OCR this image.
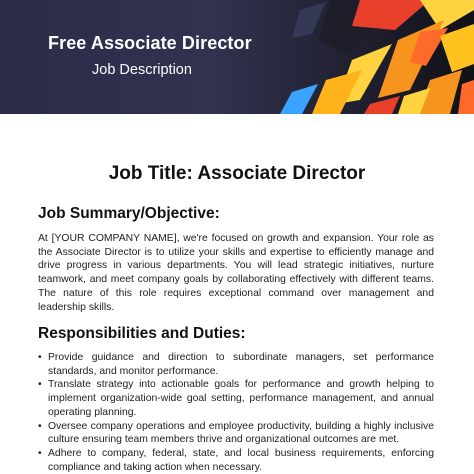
Free Associate Director

Job Description

Job Title: Associate Director
Job Summary/Objective:

At [YOUR COMPANY NAME], we're focused on growth and expansion. Your role as the Associate Director is to utilize your skills and expertise to efficiently manage and drive progress in various departments. You will lead strategic initiatives, nurture teamwork, and meet company goals by collaborating effectively with different teams. The nature of this role requires exceptional command over management and leadership skills.

Responsibilities and Duties:
• Provide guidance and direction to subordinate managers, set performance standards, and monitor performance.
• Translate strategy into actionable goals for performance and growth helping to implement organization-wide goal setting, performance management, and annual operating planning.
• Oversee company operations and employee productivity, building a highly inclusive culture ensuring team members thrive and organizational outcomes are met.
• Adhere to company, federal, state, and local business requirements, enforcing compliance and taking action when necessary.
